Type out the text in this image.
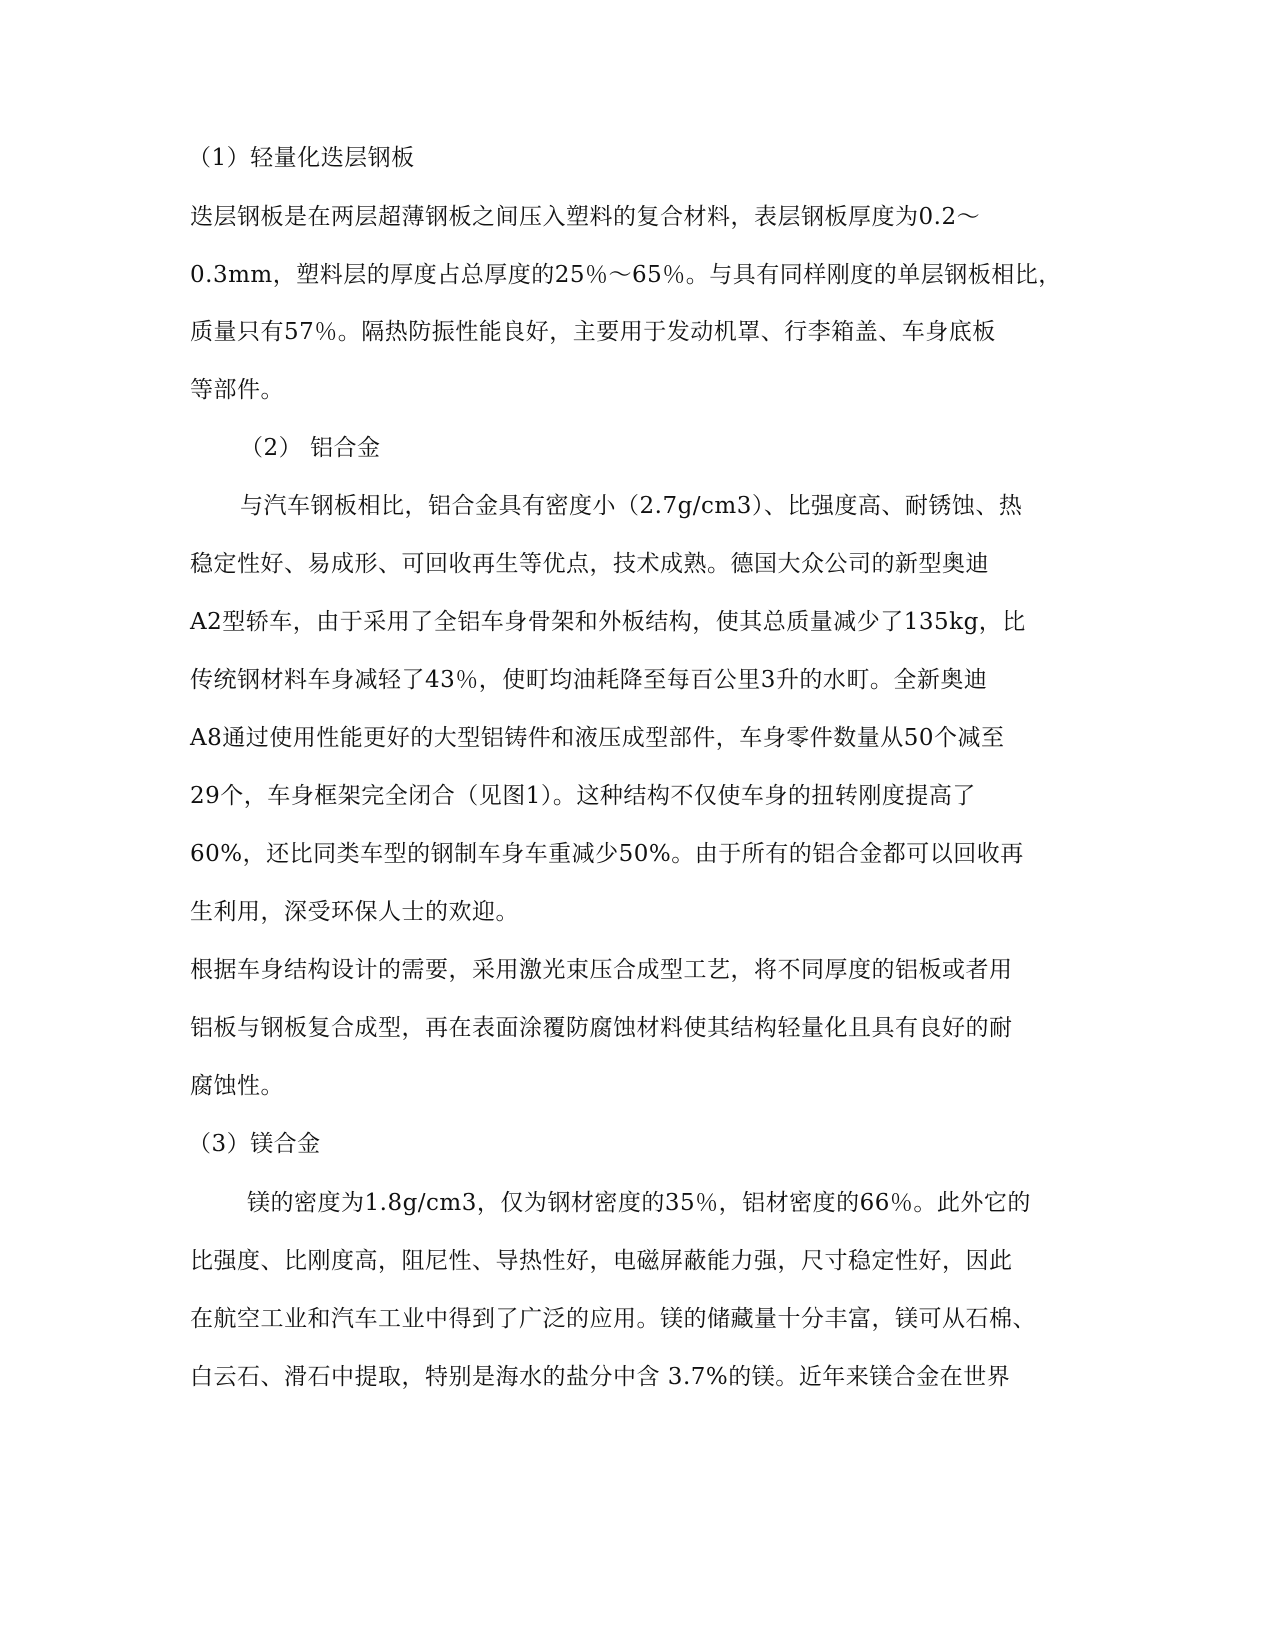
（1）轻量化迭层钢板
迭层钢板是在两层超薄钢板之间压入塑料的复合材料，表层钢板厚度为0.2～
0.3mm，塑料层的厚度占总厚度的25％～65％。与具有同样刚度的单层钢板相比，
质量只有57％。隔热防振性能良好，主要用于发动机罩、行李箱盖、车身底板
等部件。
（2） 铝合金
与汽车钢板相比，铝合金具有密度小（2.7g/cm3）、比强度高、耐锈蚀、热
稳定性好、易成形、可回收再生等优点，技术成熟。德国大众公司的新型奥迪
A2型轿车，由于采用了全铝车身骨架和外板结构，使其总质量减少了135kg，比
传统钢材料车身减轻了43％，使町均油耗降至每百公里3升的水町。全新奥迪
A8通过使用性能更好的大型铝铸件和液压成型部件，车身零件数量从50个减至
29个，车身框架完全闭合（见图1）。这种结构不仅使车身的扭转刚度提高了
60%，还比同类车型的钢制车身车重减少50%。由于所有的铝合金都可以回收再
生利用，深受环保人士的欢迎。
根据车身结构设计的需要，采用激光束压合成型工艺，将不同厚度的铝板或者用
铝板与钢板复合成型，再在表面涂覆防腐蚀材料使其结构轻量化且具有良好的耐
腐蚀性。
（3）镁合金
镁的密度为1.8g/cm3，仅为钢材密度的35％，铝材密度的66％。此外它的
比强度、比刚度高，阻尼性、导热性好，电磁屏蔽能力强，尺寸稳定性好，因此
在航空工业和汽车工业中得到了广泛的应用。镁的储藏量十分丰富，镁可从石棉、
白云石、滑石中提取，特别是海水的盐分中含 3.7%的镁。近年来镁合金在世界
